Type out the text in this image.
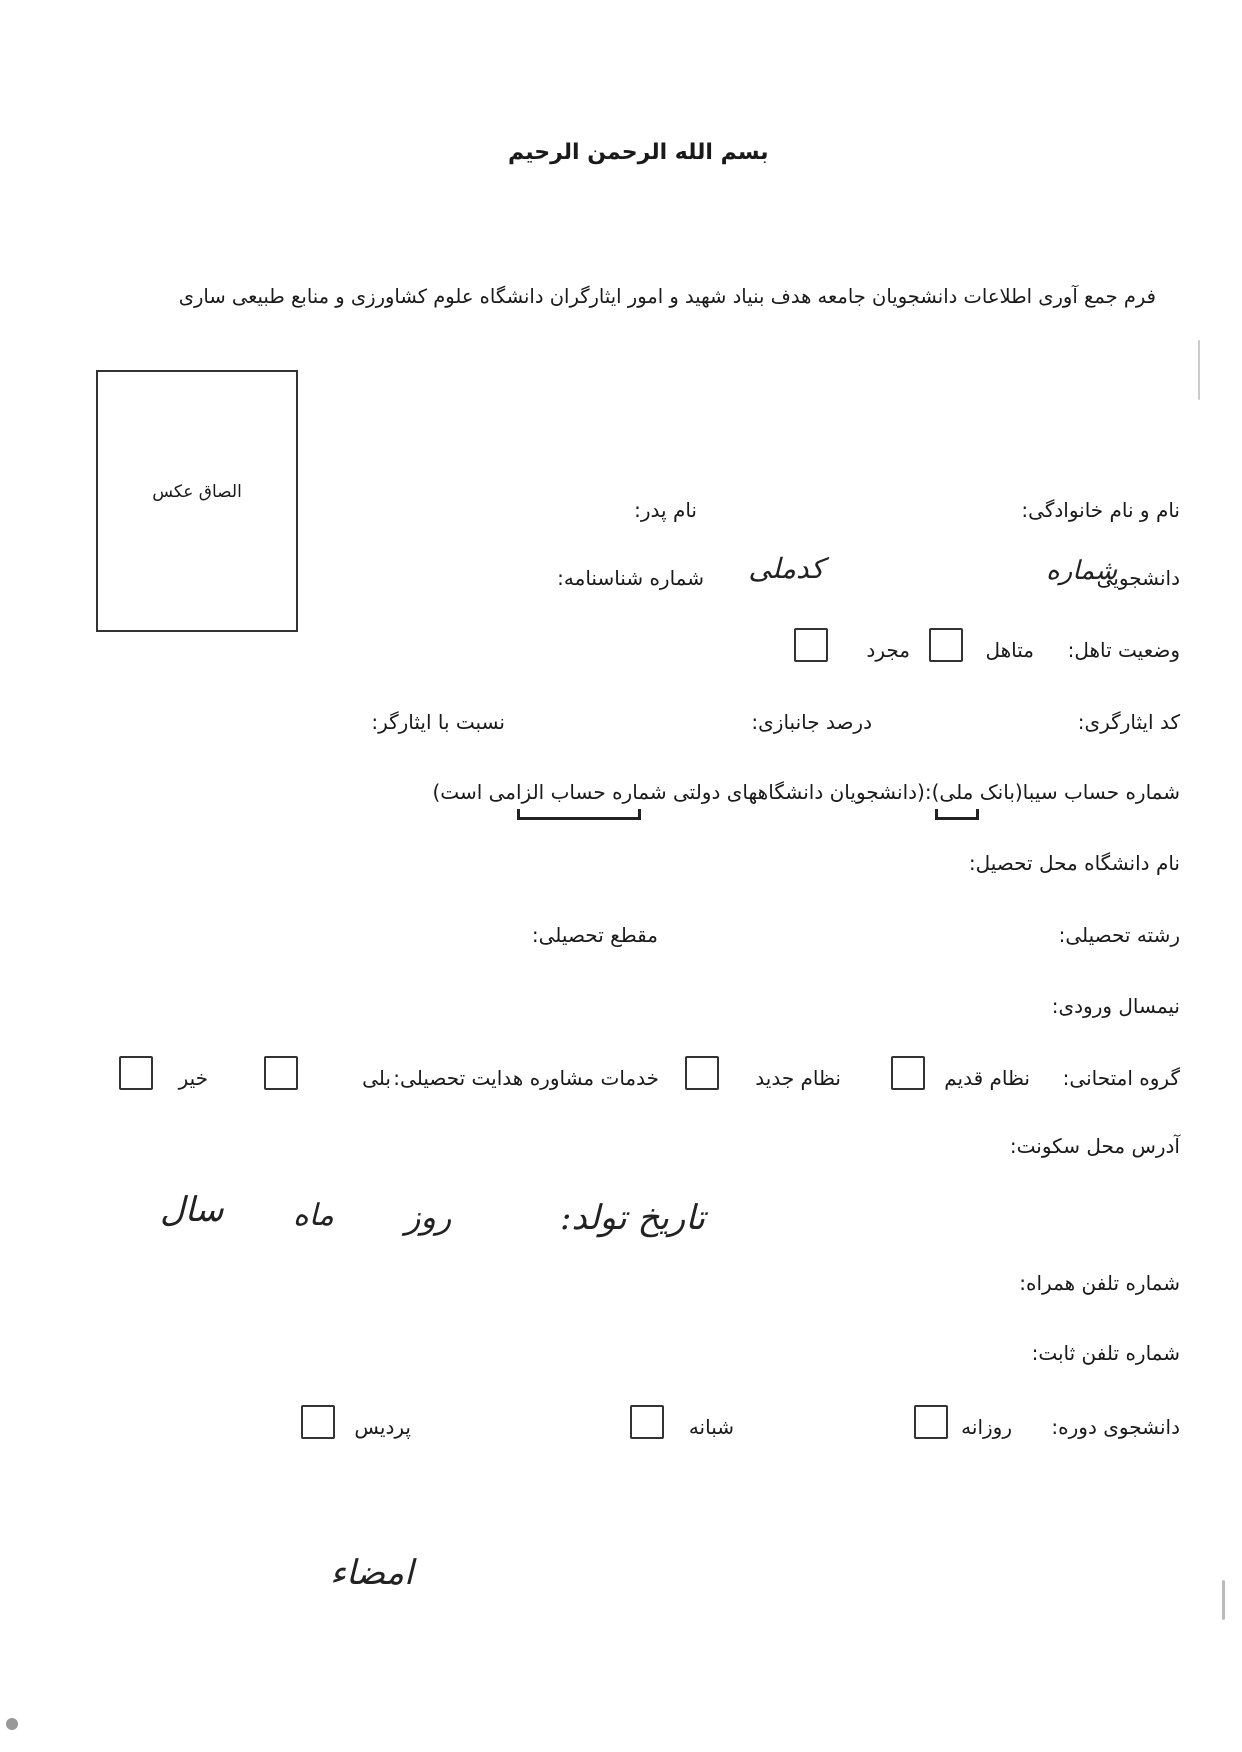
بسم الله الرحمن الرحیم
فرم جمع آوری اطلاعات دانشجویان جامعه هدف بنیاد شهید و امور ایثارگران دانشگاه علوم کشاورزی و منابع طبیعی ساری
الصاق عکس
نام و نام خانوادگی:
نام پدر:
شماره
دانشجویی
کدملی
شماره شناسنامه:
وضعیت تاهل:
متاهل
مجرد
کد ایثارگری:
درصد جانبازی:
نسبت با ایثارگر:
شماره حساب سیبا(بانک ملی):(دانشجویان دانشگاههای دولتی شماره حساب الزامی است)
نام دانشگاه محل تحصیل:
رشته تحصیلی:
مقطع تحصیلی:
نیمسال ورودی:
گروه امتحانی:
نظام قدیم
نظام جدید
خدمات مشاوره هدایت تحصیلی:
بلی
خیر
آدرس محل سکونت:
تاریخ تولد:
روز
ماه
سال
شماره تلفن همراه:
شماره تلفن ثابت:
دانشجوی دوره:
روزانه
شبانه
پردیس
امضاء
